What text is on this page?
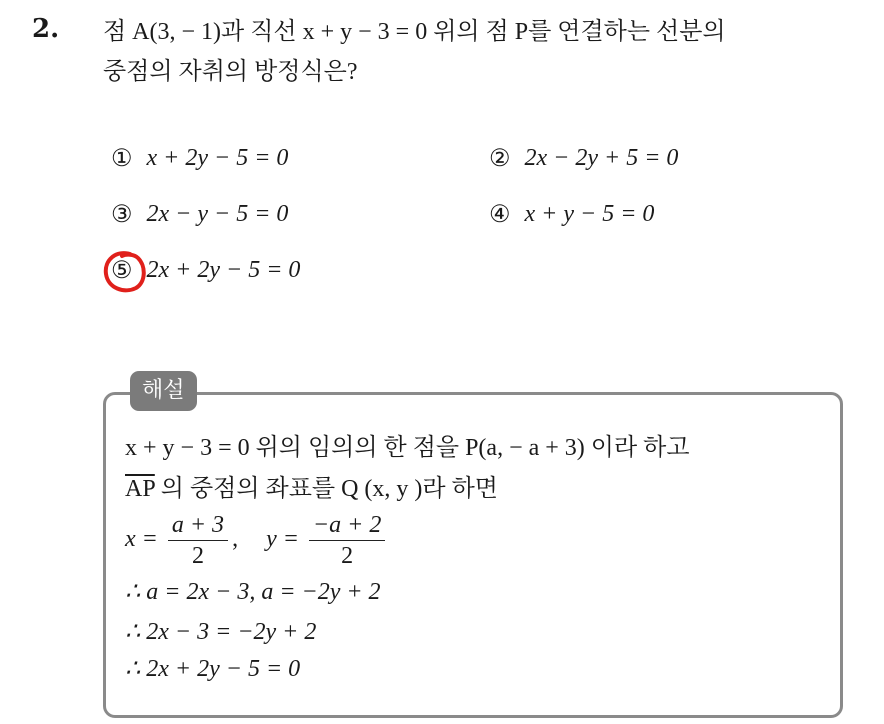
2. 점 A(3, − 1)과 직선 x + y − 3 = 0 위의 점 P를 연결하는 선분의

중점의 자취의 방정식은?

① x + 2y − 5 = 0	② 2x − 2y + 5 = 0
③ 2x − y − 5 = 0	④ x + y − 5 = 0
⑤ 2x + 2y − 5 = 0
해설
x + y − 3 = 0 위의 임의의 한 점을 P(a, − a + 3) 이라 하고
$\overline{AP}$ 의 중점의 좌표를 Q (x, y )라 하면
$x = \frac{a + 3}{2}$ , $y = \frac{-a + 2}{2}$
∴ a = 2x − 3, a = −2y + 2
∴ 2x − 3 = −2y + 2
∴ 2x + 2y − 5 = 0
